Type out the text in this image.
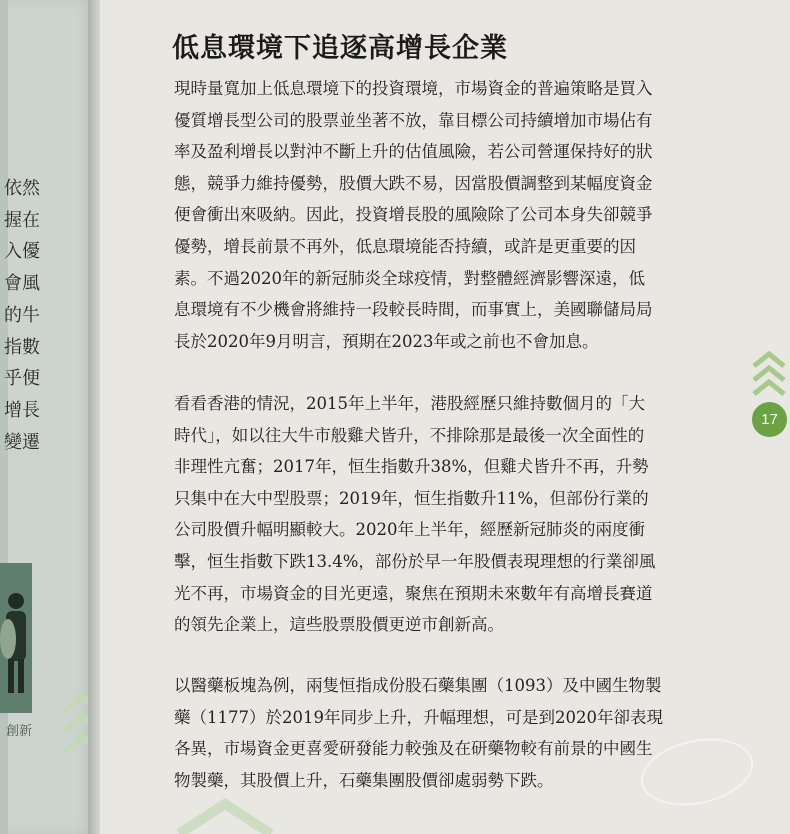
依然
握在
入優
會風
的牛
指數
乎便
增長
變遷
創新
低息環境下追逐高增長企業
現時量寬加上低息環境下的投資環境，市場資金的普遍策略是買入
優質增長型公司的股票並坐著不放，靠目標公司持續增加市場佔有
率及盈利增長以對沖不斷上升的估值風險，若公司營運保持好的狀
態，競爭力維持優勢，股價大跌不易，因當股價調整到某幅度資金
便會衝出來吸納。因此，投資增長股的風險除了公司本身失卻競爭
優勢，增長前景不再外，低息環境能否持續，或許是更重要的因
素。不過2020年的新冠肺炎全球疫情，對整體經濟影響深遠，低
息環境有不少機會將維持一段較長時間，而事實上，美國聯儲局局
長於2020年9月明言，預期在2023年或之前也不會加息。
看看香港的情況，2015年上半年，港股經歷只維持數個月的「大
時代」，如以往大牛市般雞犬皆升，不排除那是最後一次全面性的
非理性亢奮；2017年，恒生指數升38%，但雞犬皆升不再，升勢
只集中在大中型股票；2019年，恒生指數升11%，但部份行業的
公司股價升幅明顯較大。2020年上半年，經歷新冠肺炎的兩度衝
擊，恒生指數下跌13.4%，部份於早一年股價表現理想的行業卻風
光不再，市場資金的目光更遠，聚焦在預期未來數年有高增長賽道
的領先企業上，這些股票股價更逆市創新高。
以醫藥板塊為例，兩隻恒指成份股石藥集團（1093）及中國生物製
藥（1177）於2019年同步上升，升幅理想，可是到2020年卻表現
各異，市場資金更喜愛研發能力較強及在研藥物較有前景的中國生
物製藥，其股價上升，石藥集團股價卻處弱勢下跌。
17
